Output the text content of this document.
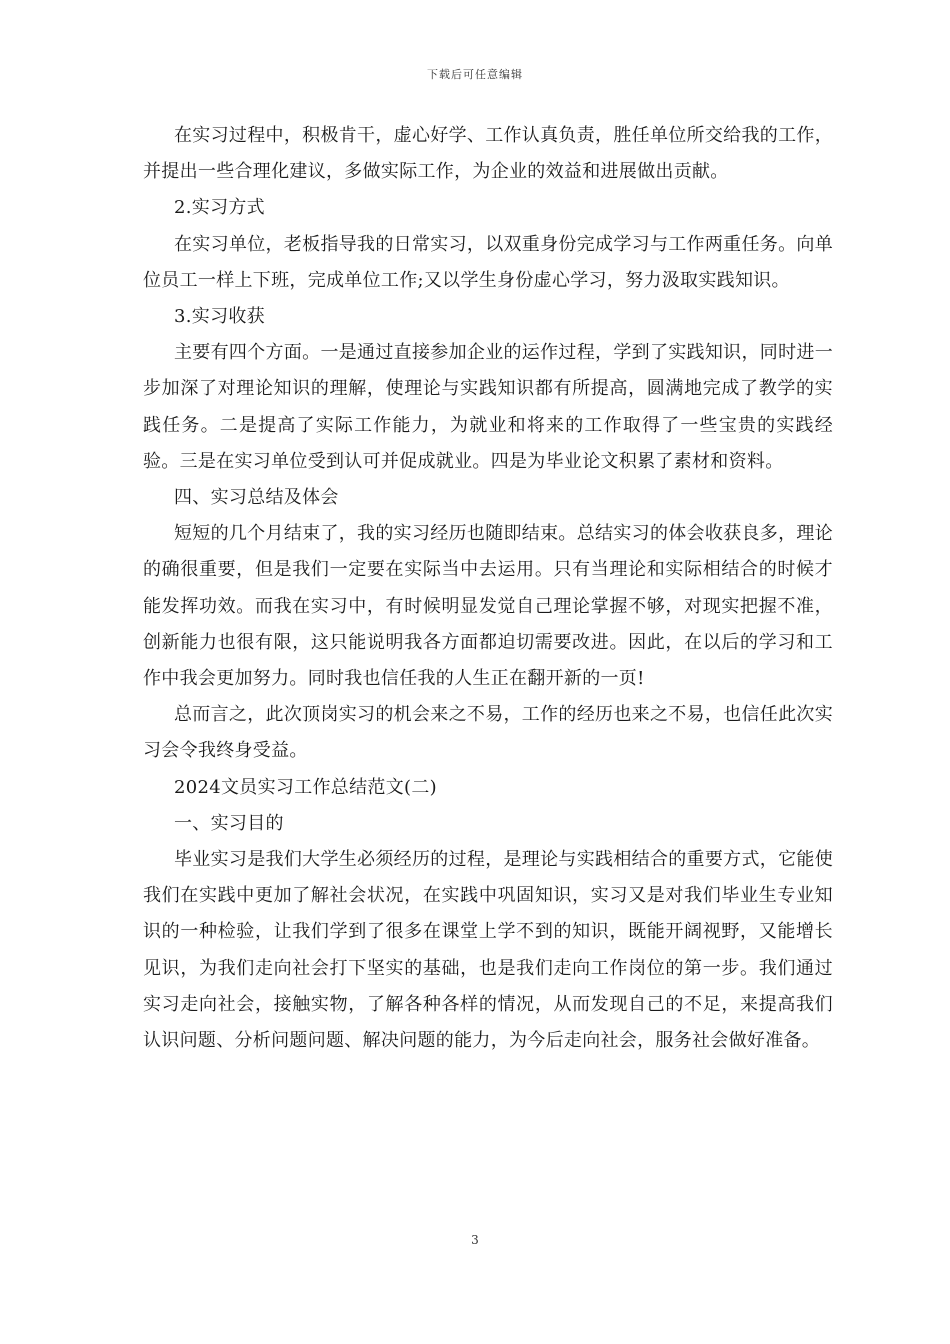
下载后可任意编辑

在实习过程中，积极肯干，虚心好学、工作认真负责，胜任单位所交给我的工作，并提出一些合理化建议，多做实际工作，为企业的效益和进展做出贡献。

2.实习方式

在实习单位，老板指导我的日常实习，以双重身份完成学习与工作两重任务。向单位员工一样上下班，完成单位工作;又以学生身份虚心学习，努力汲取实践知识。

3.实习收获

主要有四个方面。一是通过直接参加企业的运作过程，学到了实践知识，同时进一步加深了对理论知识的理解，使理论与实践知识都有所提高，圆满地完成了教学的实践任务。二是提高了实际工作能力，为就业和将来的工作取得了一些宝贵的实践经验。三是在实习单位受到认可并促成就业。四是为毕业论文积累了素材和资料。

四、实习总结及体会

短短的几个月结束了，我的实习经历也随即结束。总结实习的体会收获良多，理论的确很重要，但是我们一定要在实际当中去运用。只有当理论和实际相结合的时候才能发挥功效。而我在实习中，有时候明显发觉自己理论掌握不够，对现实把握不准，创新能力也很有限，这只能说明我各方面都迫切需要改进。因此，在以后的学习和工作中我会更加努力。同时我也信任我的人生正在翻开新的一页!

总而言之，此次顶岗实习的机会来之不易，工作的经历也来之不易，也信任此次实习会令我终身受益。

2024文员实习工作总结范文(二)

一、实习目的

毕业实习是我们大学生必须经历的过程，是理论与实践相结合的重要方式，它能使我们在实践中更加了解社会状况，在实践中巩固知识，实习又是对我们毕业生专业知识的一种检验，让我们学到了很多在课堂上学不到的知识，既能开阔视野，又能增长见识，为我们走向社会打下坚实的基础，也是我们走向工作岗位的第一步。我们通过实习走向社会，接触实物，了解各种各样的情况，从而发现自己的不足，来提高我们认识问题、分析问题问题、解决问题的能力，为今后走向社会，服务社会做好准备。

3
